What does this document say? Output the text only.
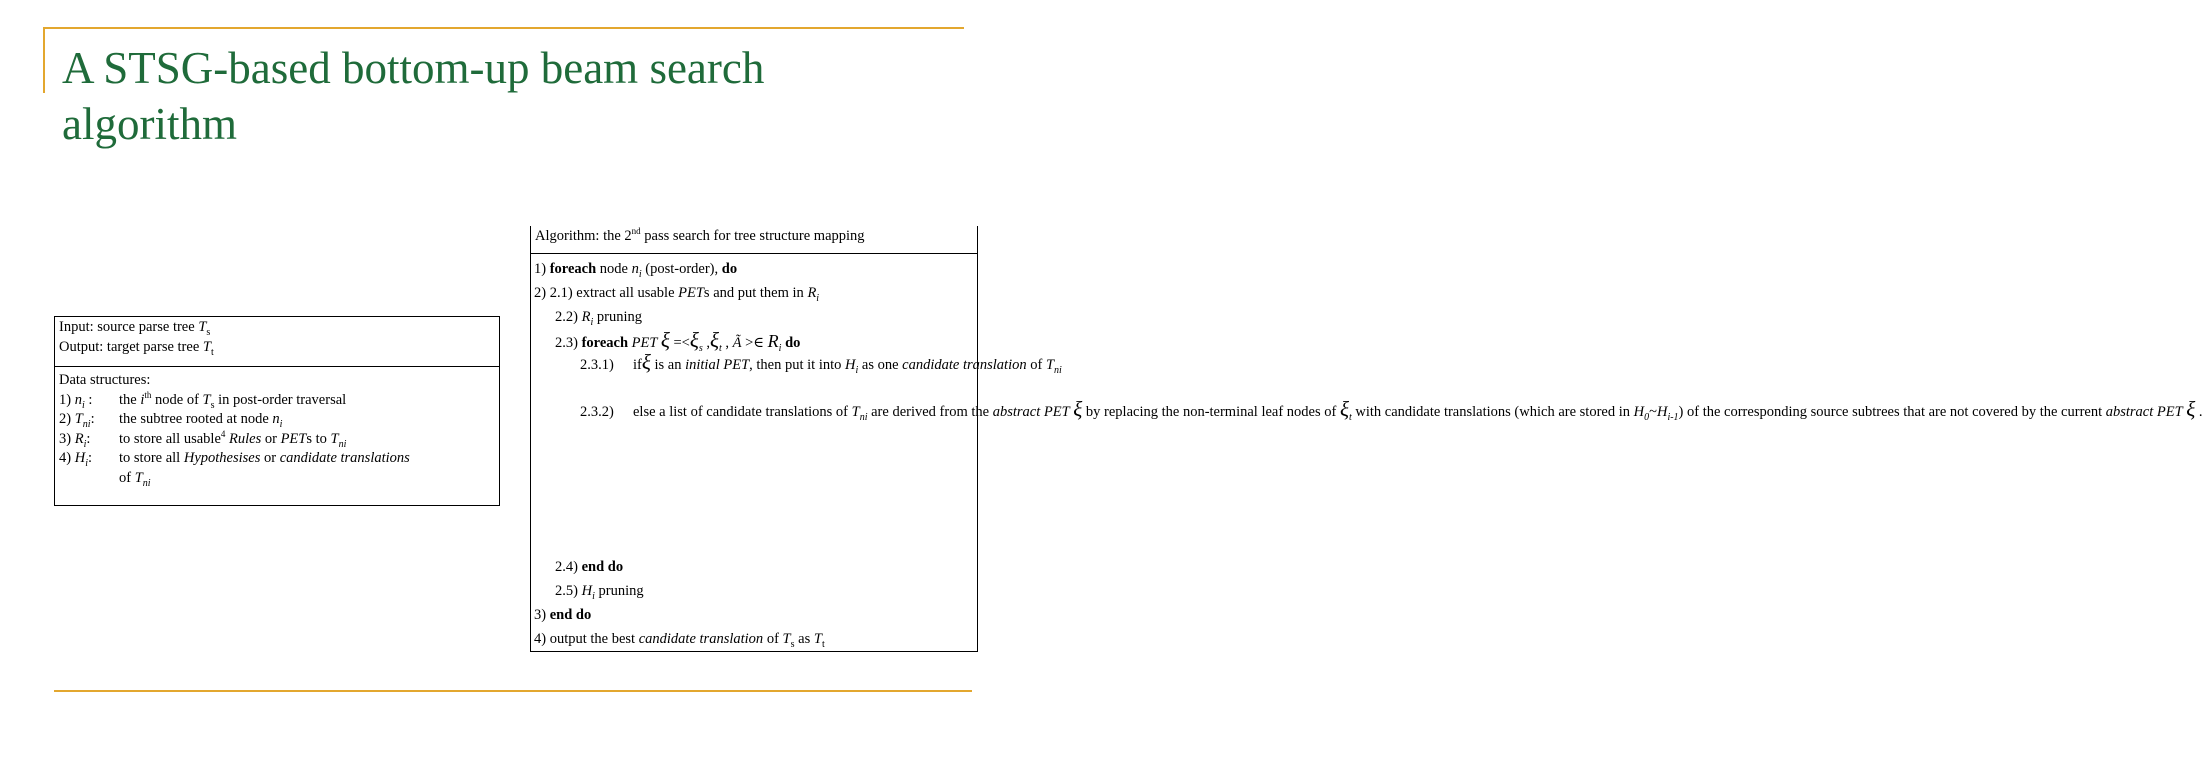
A STSG-based bottom-up beam search algorithm
Input: source parse tree $T_s$
Output: target parse tree $T_t$
Data structures:
1) $n_i$ : the $i^{th}$ node of $T_s$ in post-order traversal
2) $T_{ni}$: the subtree rooted at node $n_i$
3) $R_i$: to store all usable$^4$ Rules or PETs to $T_{ni}$
4) $H_i$: to store all Hypothesises or candidate translations
of $T_{ni}$
Algorithm: the 2nd pass search for tree structure mapping
1) foreach node $n_i$ (post-order), do
2) 2.1) extract all usable PETs and put them in $R_i$
2.2) $R_i$ pruning
2.3) foreach PET $\xi =<\xi_s$ $,\xi_t$ , Ã >∈ $R_i$ do
2.3.1) ifξ is an initial PET, then put it into $H_i$ as one candidate translation of $T_{ni}$
2.3.2) else a list of candidate translations of $T_{ni}$ are derived from the abstract PET ξ by replacing the non-terminal leaf nodes of $\xi_t$ with candidate translations (which are stored in $H_0\sim H_{i-1}$) of the corresponding source subtrees that are not covered by the current abstract PET ξ .
2.4) end do
2.5) $H_i$ pruning
3) end do
4) output the best candidate translation of $T_s$ as $T_t$
